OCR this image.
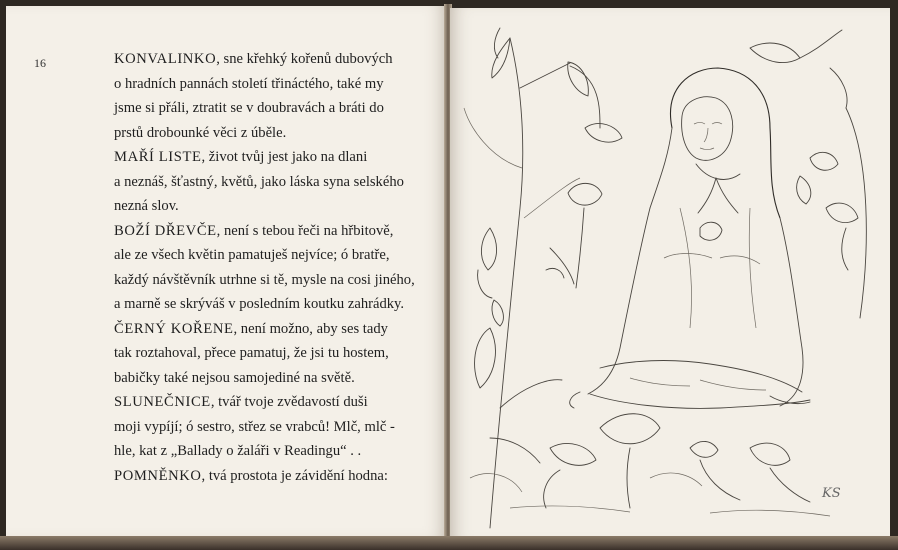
16	KONVALINKO, sne křehký kořenů dubových
o hradních pannách století třináctého, také my
jsme si přáli, ztratit se v doubravách a bráti do
prstů drobounké věci z úběle.
MAŘÍ LISTE, život tvůj jest jako na dlani
a neznáš, šťastný, květů, jako láska syna selského
nezná slov.
BOŽÍ DŘEVČE, není s tebou řeči na hřbitově,
ale ze všech květin pamatuješ nejvíce; ó bratře,
každý návštěvník utrhne si tě, mysle na cosi jiného,
a marně se skrýváš v posledním koutku zahrádky.
ČERNÝ KOŘENE, není možno, aby ses tady
tak roztahoval, přece pamatuj, že jsi tu hostem,
babičky také nejsou samojediné na světě.
SLUNEČNICE, tvář tvoje zvědavostí duši
moji vypíjí; ó sestro, střez se vrabců! Mlč, mlč -
hle, kat z „Ballady o žaláři v Readingu“ . .
POMNĚNKO, tvá prostota je závidění hodna:
KS
